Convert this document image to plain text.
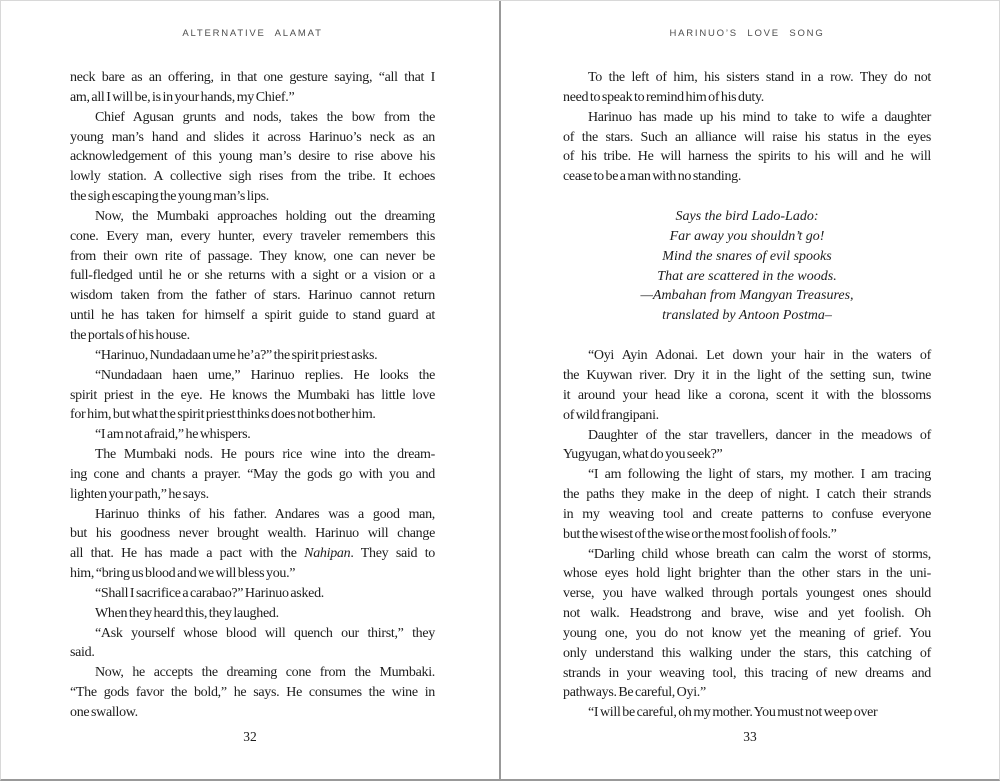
ALTERNATIVE ALAMAT
neck bare as an offering, in that one gesture saying, “all that I
am, all I will be, is in your hands, my Chief.”
Chief Agusan grunts and nods, takes the bow from the
young man’s hand and slides it across Harinuo’s neck as an
acknowledgement of this young man’s desire to rise above his
lowly station. A collective sigh rises from the tribe. It echoes
the sigh escaping the young man’s lips.
Now, the Mumbaki approaches holding out the dreaming
cone. Every man, every hunter, every traveler remembers this
from their own rite of passage. They know, one can never be
full-fledged until he or she returns with a sight or a vision or a
wisdom taken from the father of stars. Harinuo cannot return
until he has taken for himself a spirit guide to stand guard at
the portals of his house.
“Harinuo, Nundadaan ume he’a?” the spirit priest asks.
“Nundadaan haen ume,” Harinuo replies. He looks the
spirit priest in the eye. He knows the Mumbaki has little love
for him, but what the spirit priest thinks does not bother him.
“I am not afraid,” he whispers.
The Mumbaki nods. He pours rice wine into the dream-
ing cone and chants a prayer. “May the gods go with you and
lighten your path,” he says.
Harinuo thinks of his father. Andares was a good man,
but his goodness never brought wealth. Harinuo will change
all that. He has made a pact with the Nahipan. They said to
him, “bring us blood and we will bless you.”
“Shall I sacrifice a carabao?” Harinuo asked.
When they heard this, they laughed.
“Ask yourself whose blood will quench our thirst,” they
said.
Now, he accepts the dreaming cone from the Mumbaki.
“The gods favor the bold,” he says. He consumes the wine in
one swallow.
32
HARINUO’S LOVE SONG
To the left of him, his sisters stand in a row. They do not
need to speak to remind him of his duty.
Harinuo has made up his mind to take to wife a daughter
of the stars. Such an alliance will raise his status in the eyes
of his tribe. He will harness the spirits to his will and he will
cease to be a man with no standing.
Says the bird Lado-Lado:
Far away you shouldn’t go!
Mind the snares of evil spooks
That are scattered in the woods.
—Ambahan from Mangyan Treasures,
translated by Antoon Postma–
“Oyi Ayin Adonai. Let down your hair in the waters of
the Kuywan river. Dry it in the light of the setting sun, twine
it around your head like a corona, scent it with the blossoms
of wild frangipani.
Daughter of the star travellers, dancer in the meadows of
Yugyugan, what do you seek?”
“I am following the light of stars, my mother. I am tracing
the paths they make in the deep of night. I catch their strands
in my weaving tool and create patterns to confuse everyone
but the wisest of the wise or the most foolish of fools.”
“Darling child whose breath can calm the worst of storms,
whose eyes hold light brighter than the other stars in the uni-
verse, you have walked through portals youngest ones should
not walk. Headstrong and brave, wise and yet foolish. Oh
young one, you do not know yet the meaning of grief. You
only understand this walking under the stars, this catching of
strands in your weaving tool, this tracing of new dreams and
pathways. Be careful, Oyi.”
“I will be careful, oh my mother. You must not weep over
33
